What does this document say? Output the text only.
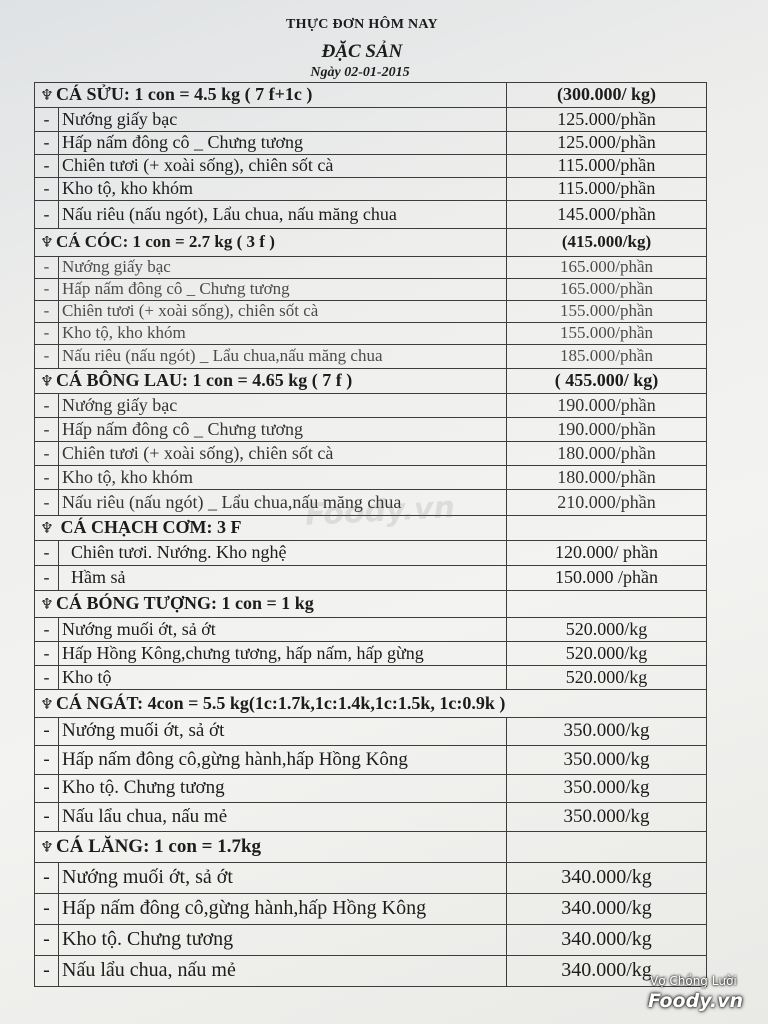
THỰC ĐƠN HÔM NAY
ĐẶC SẢN
Ngày 02-01-2015
♆ CÁ SỬU: 1 con = 4.5 kg ( 7 f+1c )		(300.000/ kg)
-	Nướng giấy bạc	125.000/phần
-	Hấp nấm đông cô _ Chưng tương	125.000/phần
-	Chiên tươi (+ xoài sống), chiên sốt cà	115.000/phần
-	Kho tộ, kho khóm	115.000/phần
-	Nấu riêu (nấu ngót), Lẩu chua, nấu măng chua	145.000/phần
♆ CÁ CÓC: 1 con = 2.7 kg ( 3 f )		(415.000/kg)
-	Nướng giấy bạc	165.000/phần
-	Hấp nấm đông cô _ Chưng tương	165.000/phần
-	Chiên tươi (+ xoài sống), chiên sốt cà	155.000/phần
-	Kho tộ, kho khóm	155.000/phần
-	Nấu riêu (nấu ngót) _ Lẩu chua,nấu măng chua	185.000/phần
♆ CÁ BÔNG LAU: 1 con = 4.65 kg ( 7 f )		( 455.000/ kg)
-	Nướng giấy bạc	190.000/phần
-	Hấp nấm đông cô _ Chưng tương	190.000/phần
-	Chiên tươi (+ xoài sống), chiên sốt cà	180.000/phần
-	Kho tộ, kho khóm	180.000/phần
-	Nấu riêu (nấu ngót) _ Lẩu chua,nấu măng chua	210.000/phần
♆ CÁ CHẠCH CƠM: 3 F		
-	Chiên tươi. Nướng. Kho nghệ	120.000/ phần
-	Hầm sả	150.000 /phần
♆ CÁ BÓNG TƯỢNG: 1 con = 1 kg		
-	Nướng muối ớt, sả ớt	520.000/kg
-	Hấp Hồng Kông,chưng tương, hấp nấm, hấp gừng	520.000/kg
-	Kho tộ	520.000/kg
♆ CÁ NGÁT: 4con = 5.5 kg(1c:1.7k,1c:1.4k,1c:1.5k, 1c:0.9k )		
-	Nướng muối ớt, sả ớt	350.000/kg
-	Hấp nấm đông cô,gừng hành,hấp Hồng Kông	350.000/kg
-	Kho tộ. Chưng tương	350.000/kg
-	Nấu lẩu chua, nấu mẻ	350.000/kg
♆ CÁ LĂNG: 1 con = 1.7kg		
-	Nướng muối ớt, sả ớt	340.000/kg
-	Hấp nấm đông cô,gừng hành,hấp Hồng Kông	340.000/kg
-	Kho tộ. Chưng tương	340.000/kg
-	Nấu lẩu chua, nấu mẻ	340.000/kg
Foody.vn
Vợ Chồng Lười
Foody.vn
